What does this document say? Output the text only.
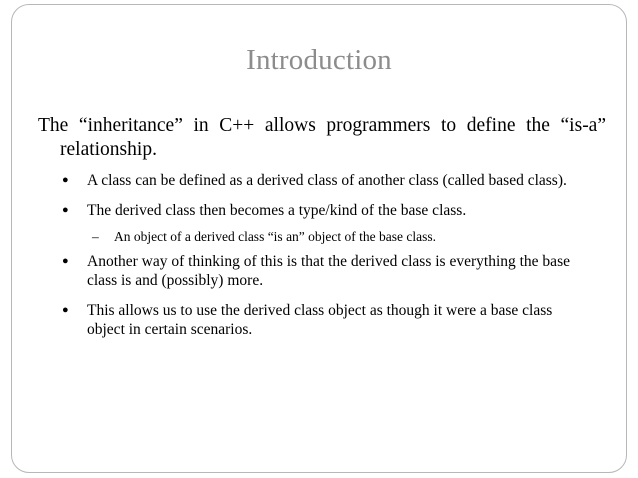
Introduction
The “inheritance” in C++ allows programmers to define the “is-a”
relationship.
● A class can be defined as a derived class of another class (called based class).
● The derived class then becomes a type/kind of the base class.
– An object of a derived class “is an” object of the base class.
● Another way of thinking of this is that the derived class is everything the base class is and (possibly) more.
● This allows us to use the derived class object as though it were a base class object in certain scenarios.
